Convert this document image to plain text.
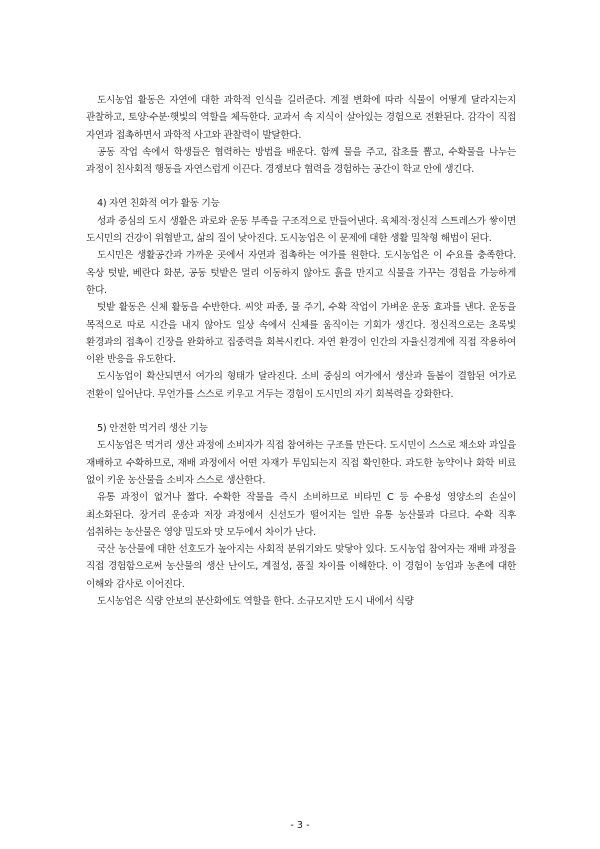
도시농업 활동은 자연에 대한 과학적 인식을 길러준다. 계절 변화에 따라 식물이 어떻게 달라지는지 관찰하고, 토양·수분·햇빛의 역할을 체득한다. 교과서 속 지식이 살아있는 경험으로 전환된다. 감각이 직접 자연과 접촉하면서 과학적 사고와 관찰력이 발달한다.

공동 작업 속에서 학생들은 협력하는 방법을 배운다. 함께 물을 주고, 잡초를 뽑고, 수확물을 나누는 과정이 친사회적 행동을 자연스럽게 이끈다. 경쟁보다 협력을 경험하는 공간이 학교 안에 생긴다.

4) 자연 친화적 여가 활동 기능

성과 중심의 도시 생활은 과로와 운동 부족을 구조적으로 만들어낸다. 육체적·정신적 스트레스가 쌓이면 도시민의 건강이 위협받고, 삶의 질이 낮아진다. 도시농업은 이 문제에 대한 생활 밀착형 해법이 된다.

도시민은 생활공간과 가까운 곳에서 자연과 접촉하는 여가를 원한다. 도시농업은 이 수요를 충족한다. 옥상 텃밭, 베란다 화분, 공동 텃밭은 멀리 이동하지 않아도 흙을 만지고 식물을 가꾸는 경험을 가능하게 한다.

텃밭 활동은 신체 활동을 수반한다. 씨앗 파종, 물 주기, 수확 작업이 가벼운 운동 효과를 낸다. 운동을 목적으로 따로 시간을 내지 않아도 일상 속에서 신체를 움직이는 기회가 생긴다. 정신적으로는 초록빛 환경과의 접촉이 긴장을 완화하고 집중력을 회복시킨다. 자연 환경이 인간의 자율신경계에 직접 작용하여 이완 반응을 유도한다.

도시농업이 확산되면서 여가의 형태가 달라진다. 소비 중심의 여가에서 생산과 돌봄이 결합된 여가로 전환이 일어난다. 무언가를 스스로 키우고 거두는 경험이 도시민의 자기 회복력을 강화한다.

5) 안전한 먹거리 생산 기능

도시농업은 먹거리 생산 과정에 소비자가 직접 참여하는 구조를 만든다. 도시민이 스스로 채소와 과일을 재배하고 수확하므로, 재배 과정에서 어떤 자재가 투입되는지 직접 확인한다. 과도한 농약이나 화학 비료 없이 키운 농산물을 소비자 스스로 생산한다.

유통 과정이 없거나 짧다. 수확한 작물을 즉시 소비하므로 비타민 C 등 수용성 영양소의 손실이 최소화된다. 장거리 운송과 저장 과정에서 신선도가 떨어지는 일반 유통 농산물과 다르다. 수확 직후 섭취하는 농산물은 영양 밀도와 맛 모두에서 차이가 난다.

국산 농산물에 대한 선호도가 높아지는 사회적 분위기와도 맞닿아 있다. 도시농업 참여자는 재배 과정을 직접 경험함으로써 농산물의 생산 난이도, 계절성, 품질 차이를 이해한다. 이 경험이 농업과 농촌에 대한 이해와 감사로 이어진다.

도시농업은 식량 안보의 분산화에도 역할을 한다. 소규모지만 도시 내에서 식량

- 3 -
